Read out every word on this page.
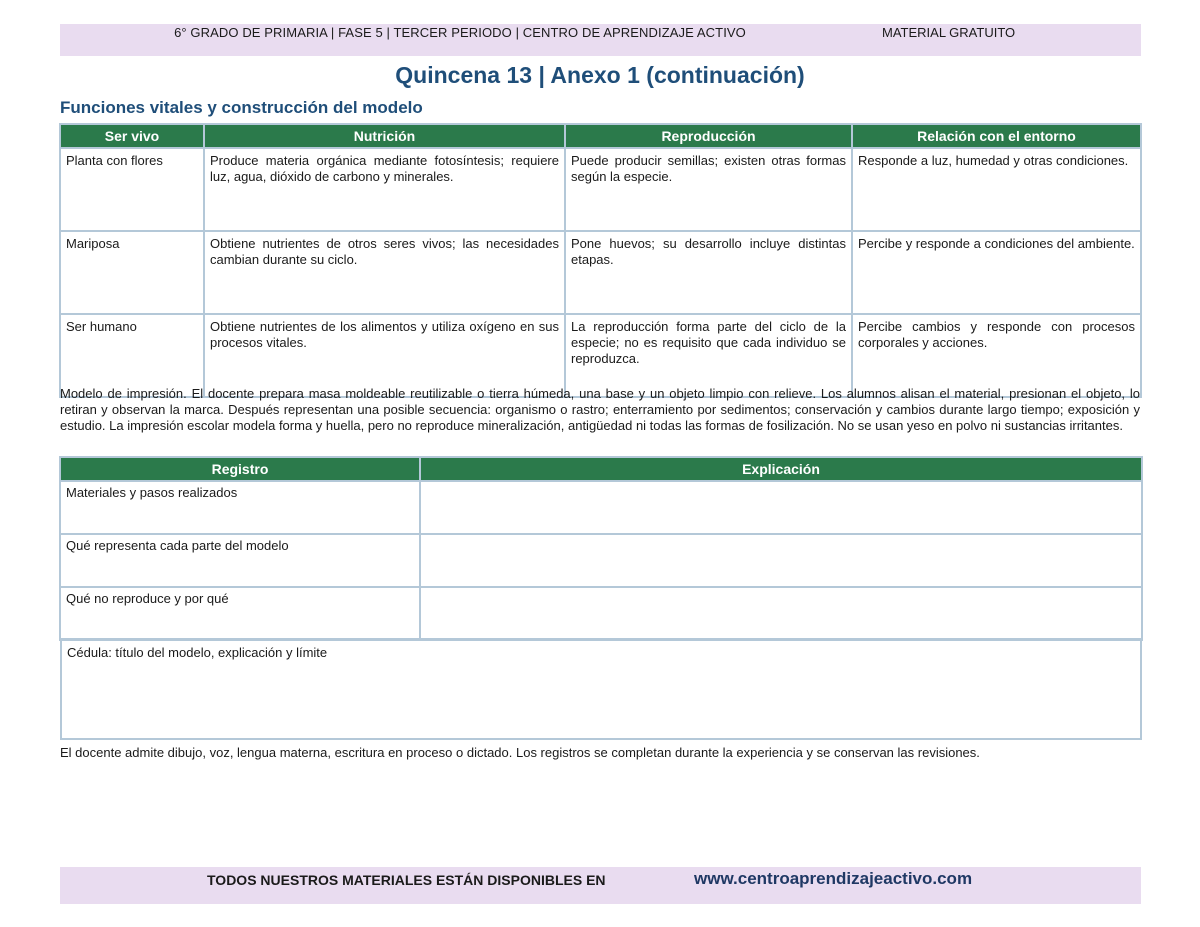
6° GRADO DE PRIMARIA | FASE 5 | TERCER PERIODO | CENTRO DE APRENDIZAJE ACTIVO	MATERIAL GRATUITO
Quincena 13 | Anexo 1 (continuación)
Funciones vitales y construcción del modelo
Ser vivo	Nutrición	Reproducción	Relación con el entorno
Planta con flores	Produce materia orgánica mediante fotosíntesis; requiere luz, agua, dióxido de carbono y minerales.	Puede producir semillas; existen otras formas según la especie.	Responde a luz, humedad y otras condiciones.
Mariposa	Obtiene nutrientes de otros seres vivos; las necesidades cambian durante su ciclo.	Pone huevos; su desarrollo incluye distintas etapas.	Percibe y responde a condiciones del ambiente.
Ser humano	Obtiene nutrientes de los alimentos y utiliza oxígeno en sus procesos vitales.	La reproducción forma parte del ciclo de la especie; no es requisito que cada individuo se reproduzca.	Percibe cambios y responde con procesos corporales y acciones.
Modelo de impresión. El docente prepara masa moldeable reutilizable o tierra húmeda, una base y un objeto limpio con relieve. Los alumnos alisan el material, presionan el objeto, lo retiran y observan la marca. Después representan una posible secuencia: organismo o rastro; enterramiento por sedimentos; conservación y cambios durante largo tiempo; exposición y estudio. La impresión escolar modela forma y huella, pero no reproduce mineralización, antigüedad ni todas las formas de fosilización. No se usan yeso en polvo ni sustancias irritantes.
Registro	Explicación
Materiales y pasos realizados	
Qué representa cada parte del modelo	
Qué no reproduce y por qué	
Cédula: título del modelo, explicación y límite
El docente admite dibujo, voz, lengua materna, escritura en proceso o dictado. Los registros se completan durante la experiencia y se conservan las revisiones.
TODOS NUESTROS MATERIALES ESTÁN DISPONIBLES EN	www.centroaprendizajeactivo.com
